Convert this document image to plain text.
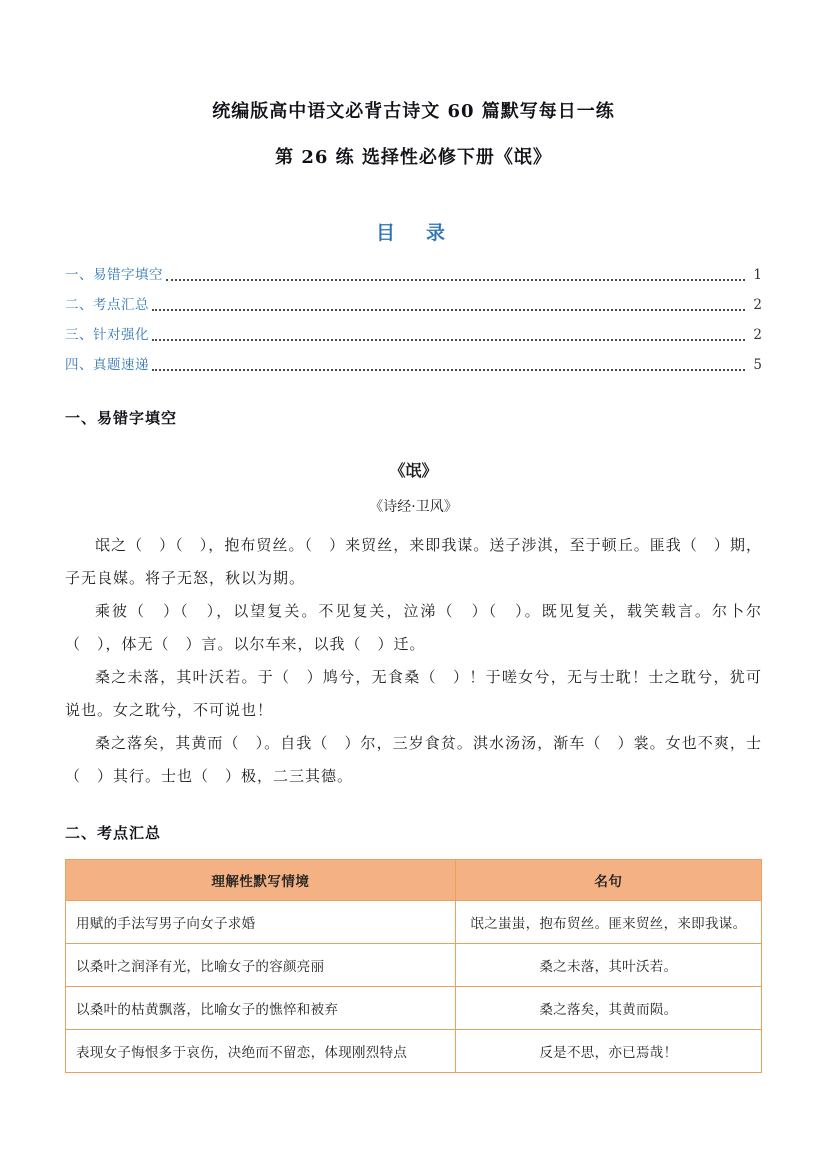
统编版高中语文必背古诗文 60 篇默写每日一练
第 26 练 选择性必修下册《氓》
目　录
一、易错字填空	1
二、考点汇总	2
三、针对强化	2
四、真题速递	5
一、易错字填空
《氓》
《诗经·卫风》

氓之（　）（　），抱布贸丝。（　）来贸丝，来即我谋。送子涉淇，至于顿丘。匪我（　）期，子无良媒。将子无怒，秋以为期。

乘彼（　）（　），以望复关。不见复关，泣涕（　）（　）。既见复关，载笑载言。尔卜尔（　），体无（　）言。以尔车来，以我（　）迁。

桑之未落，其叶沃若。于（　）鸠兮，无食桑（　）！于嗟女兮，无与士耽！士之耽兮，犹可说也。女之耽兮，不可说也！

桑之落矣，其黄而（　）。自我（　）尔，三岁食贫。淇水汤汤，渐车（　）裳。女也不爽，士（　）其行。士也（　）极，二三其德。

二、考点汇总
理解性默写情境	名句
用赋的手法写男子向女子求婚	氓之蚩蚩，抱布贸丝。匪来贸丝，来即我谋。
以桑叶之润泽有光，比喻女子的容颜亮丽	桑之未落，其叶沃若。
以桑叶的枯黄飘落，比喻女子的憔悴和被弃	桑之落矣，其黄而陨。
表现女子悔恨多于哀伤，决绝而不留恋，体现刚烈特点	反是不思，亦已焉哉！
